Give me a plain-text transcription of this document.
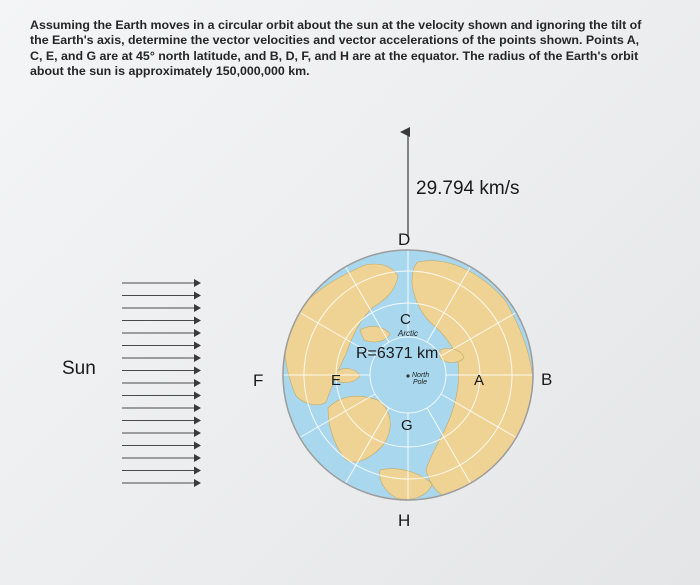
Assuming the Earth moves in a circular orbit about the sun at the velocity shown and ignoring the tilt of
the Earth's axis, determine the vector velocities and vector accelerations of the points shown. Points A,
C, E, and G are at 45° north latitude, and B, D, F, and H are at the equator. The radius of the Earth's orbit
about the sun is approximately 150,000,000 km.

Sun
F
29.794 km/s
D
C
Arctic
R=6371 km
E	North
Pole	A
G
H
B
